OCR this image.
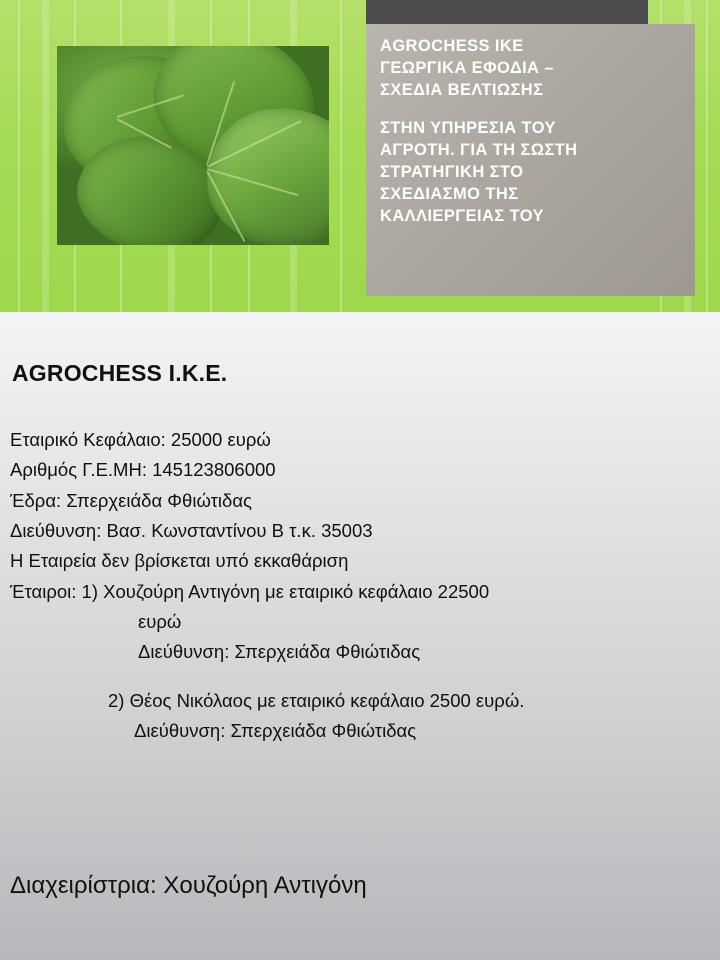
AGROCHESS IKE
ΓΕΩΡΓΙΚΑ ΕΦΟΔΙΑ –
ΣΧΕΔΙΑ ΒΕΛΤΙΩΣΗΣ
ΣΤΗΝ ΥΠΗΡΕΣΙΑ ΤΟΥ
ΑΓΡΟΤΗ. ΓΙΑ ΤΗ ΣΩΣΤΗ
ΣΤΡΑΤΗΓΙΚΗ ΣΤΟ
ΣΧΕΔΙΑΣΜΟ ΤΗΣ
ΚΑΛΛΙΕΡΓΕΙΑΣ ΤΟΥ
AGROCHESS I.K.E.
Εταιρικό Κεφάλαιο: 25000 ευρώ
Αριθμός Γ.Ε.ΜΗ: 145123806000
Έδρα: Σπερχειάδα Φθιώτιδας
Διεύθυνση: Βασ. Κωνσταντίνου Β τ.κ. 35003
Η Εταιρεία δεν βρίσκεται υπό εκκαθάριση
Έταιροι: 1) Χουζούρη Αντιγόνη με εταιρικό κεφάλαιο 22500
ευρώ
Διεύθυνση: Σπερχειάδα Φθιώτιδας
2) Θέος Νικόλαος με εταιρικό κεφάλαιο 2500 ευρώ.
Διεύθυνση: Σπερχειάδα Φθιώτιδας
Διαχειρίστρια: Χουζούρη Αντιγόνη
